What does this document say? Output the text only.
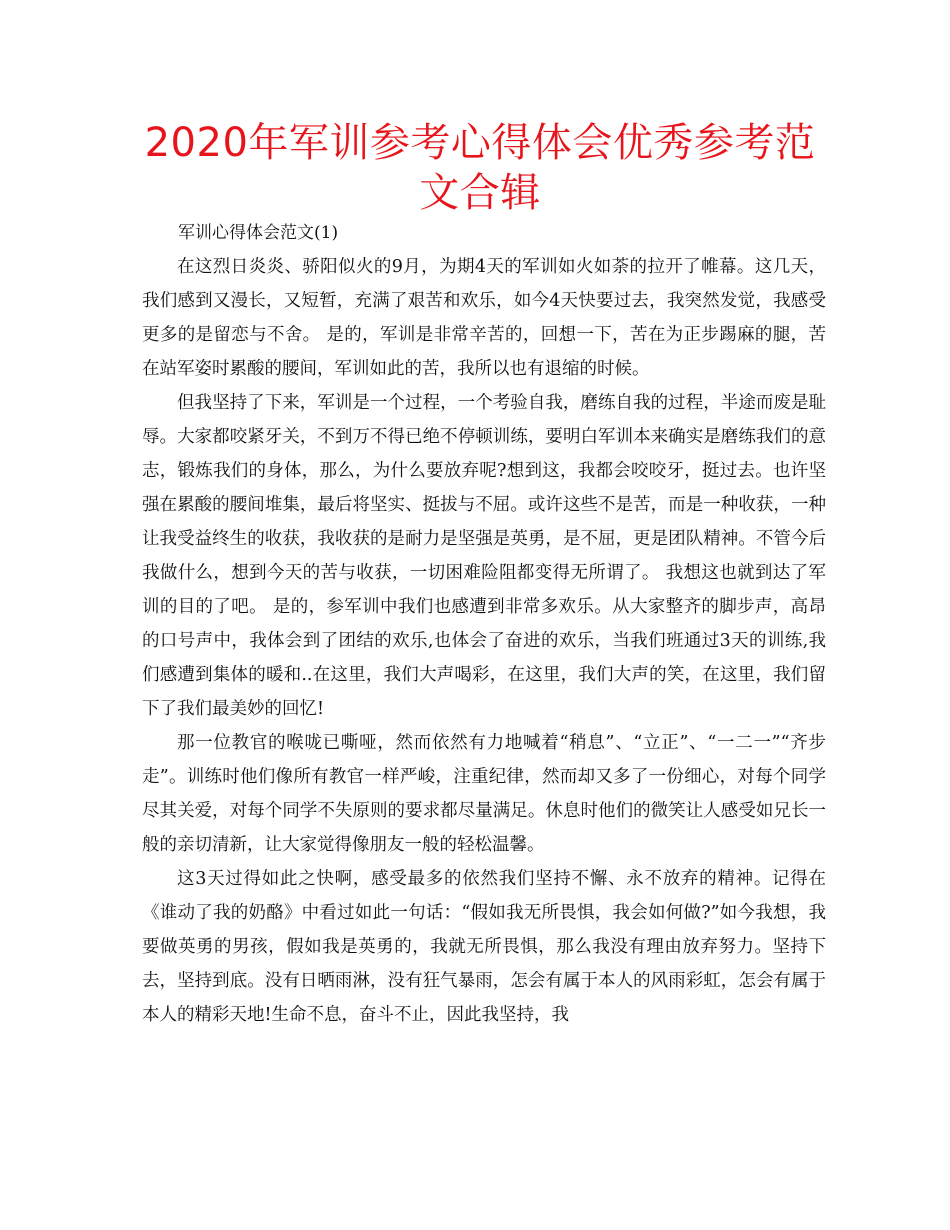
2020年军训参考心得体会优秀参考范文合辑

军训心得体会范文(1)

在这烈日炎炎、骄阳似火的9月，为期4天的军训如火如荼的拉开了帷幕。这几天，我们感到又漫长，又短暂，充满了艰苦和欢乐，如今4天快要过去，我突然发觉，我感受更多的是留恋与不舍。 是的，军训是非常辛苦的，回想一下，苦在为正步踢麻的腿，苦在站军姿时累酸的腰间，军训如此的苦，我所以也有退缩的时候。

但我坚持了下来，军训是一个过程，一个考验自我，磨练自我的过程，半途而废是耻辱。大家都咬紧牙关，不到万不得已绝不停顿训练，要明白军训本来确实是磨练我们的意志，锻炼我们的身体，那么，为什么要放弃呢?想到这，我都会咬咬牙，挺过去。也许坚强在累酸的腰间堆集，最后将坚实、挺拔与不屈。或许这些不是苦，而是一种收获，一种让我受益终生的收获，我收获的是耐力是坚强是英勇，是不屈，更是团队精神。不管今后我做什么，想到今天的苦与收获，一切困难险阻都变得无所谓了。 我想这也就到达了军训的目的了吧。 是的，参军训中我们也感遭到非常多欢乐。从大家整齐的脚步声，高昂的口号声中，我体会到了团结的欢乐,也体会了奋进的欢乐，当我们班通过3天的训练,我们感遭到集体的暖和..在这里，我们大声喝彩，在这里，我们大声的笑，在这里，我们留下了我们最美妙的回忆!

那一位教官的喉咙已嘶哑，然而依然有力地喊着“稍息”、“立正”、“一二一”“齐步走”。训练时他们像所有教官一样严峻，注重纪律，然而却又多了一份细心，对每个同学尽其关爱，对每个同学不失原则的要求都尽量满足。休息时他们的微笑让人感受如兄长一般的亲切清新，让大家觉得像朋友一般的轻松温馨。

这3天过得如此之快啊，感受最多的依然我们坚持不懈、永不放弃的精神。记得在《谁动了我的奶酪》中看过如此一句话：“假如我无所畏惧，我会如何做?”如今我想，我要做英勇的男孩，假如我是英勇的，我就无所畏惧，那么我没有理由放弃努力。坚持下去，坚持到底。没有日晒雨淋，没有狂气暴雨，怎会有属于本人的风雨彩虹，怎会有属于本人的精彩天地!生命不息，奋斗不止，因此我坚持，我
